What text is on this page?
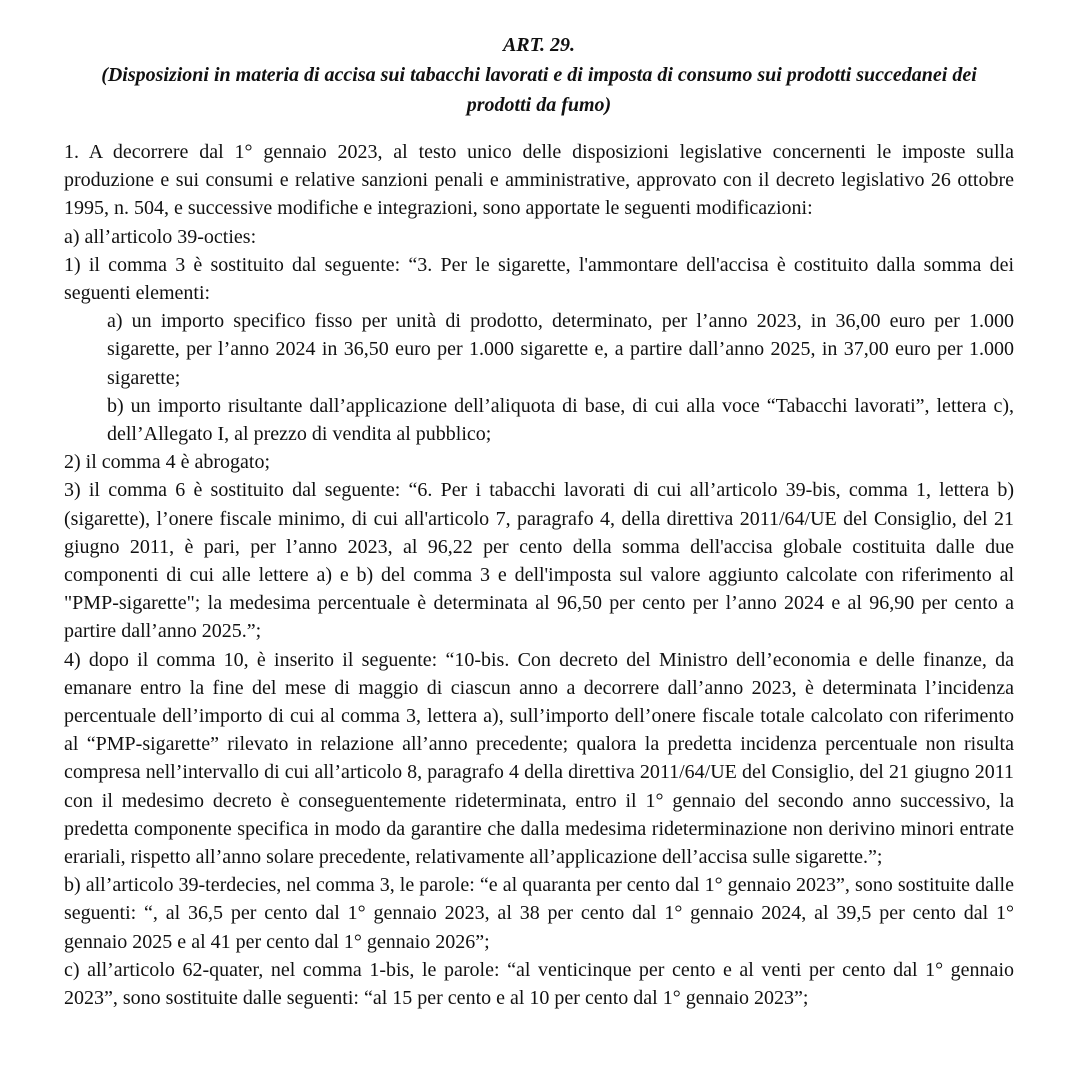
ART. 29.
(Disposizioni in materia di accisa sui tabacchi lavorati e di imposta di consumo sui prodotti succedanei dei
prodotti da fumo)

1. A decorrere dal 1° gennaio 2023, al testo unico delle disposizioni legislative concernenti le imposte sulla produzione e sui consumi e relative sanzioni penali e amministrative, approvato con il decreto legislativo 26 ottobre 1995, n. 504, e successive modifiche e integrazioni, sono apportate le seguenti modificazioni:

a) all’articolo 39-octies:

1) il comma 3 è sostituito dal seguente: “3. Per le sigarette, l'ammontare dell'accisa è costituito dalla somma dei seguenti elementi:

a) un importo specifico fisso per unità di prodotto, determinato, per l’anno 2023, in 36,00 euro per 1.000 sigarette, per l’anno 2024 in 36,50 euro per 1.000 sigarette e, a partire dall’anno 2025, in 37,00 euro per 1.000 sigarette;

b) un importo risultante dall’applicazione dell’aliquota di base, di cui alla voce “Tabacchi lavorati”, lettera c), dell’Allegato I, al prezzo di vendita al pubblico;

2) il comma 4 è abrogato;

3) il comma 6 è sostituito dal seguente: “6. Per i tabacchi lavorati di cui all’articolo 39-bis, comma 1, lettera b) (sigarette), l’onere fiscale minimo, di cui all'articolo 7, paragrafo 4, della direttiva 2011/64/UE del Consiglio, del 21 giugno 2011, è pari, per l’anno 2023, al 96,22 per cento della somma dell'accisa globale costituita dalle due componenti di cui alle lettere a) e b) del comma 3 e dell'imposta sul valore aggiunto calcolate con riferimento al "PMP-sigarette"; la medesima percentuale è determinata al 96,50 per cento per l’anno 2024 e al 96,90 per cento a partire dall’anno 2025.”;

4) dopo il comma 10, è inserito il seguente: “10-bis. Con decreto del Ministro dell’economia e delle finanze, da emanare entro la fine del mese di maggio di ciascun anno a decorrere dall’anno 2023, è determinata l’incidenza percentuale dell’importo di cui al comma 3, lettera a), sull’importo dell’onere fiscale totale calcolato con riferimento al “PMP-sigarette” rilevato in relazione all’anno precedente; qualora la predetta incidenza percentuale non risulta compresa nell’intervallo di cui all’articolo 8, paragrafo 4 della direttiva 2011/64/UE del Consiglio, del 21 giugno 2011 con il medesimo decreto è conseguentemente rideterminata, entro il 1° gennaio del secondo anno successivo, la predetta componente specifica in modo da garantire che dalla medesima rideterminazione non derivino minori entrate erariali, rispetto all’anno solare precedente, relativamente all’applicazione dell’accisa sulle sigarette.”;

b) all’articolo 39-terdecies, nel comma 3, le parole: “e al quaranta per cento dal 1° gennaio 2023”, sono sostituite dalle seguenti: “, al 36,5 per cento dal 1° gennaio 2023, al 38 per cento dal 1° gennaio 2024, al 39,5 per cento dal 1° gennaio 2025 e al 41 per cento dal 1° gennaio 2026”;

c) all’articolo 62-quater, nel comma 1-bis, le parole: “al venticinque per cento e al venti per cento dal 1° gennaio 2023”, sono sostituite dalle seguenti: “al 15 per cento e al 10 per cento dal 1° gennaio 2023”;
